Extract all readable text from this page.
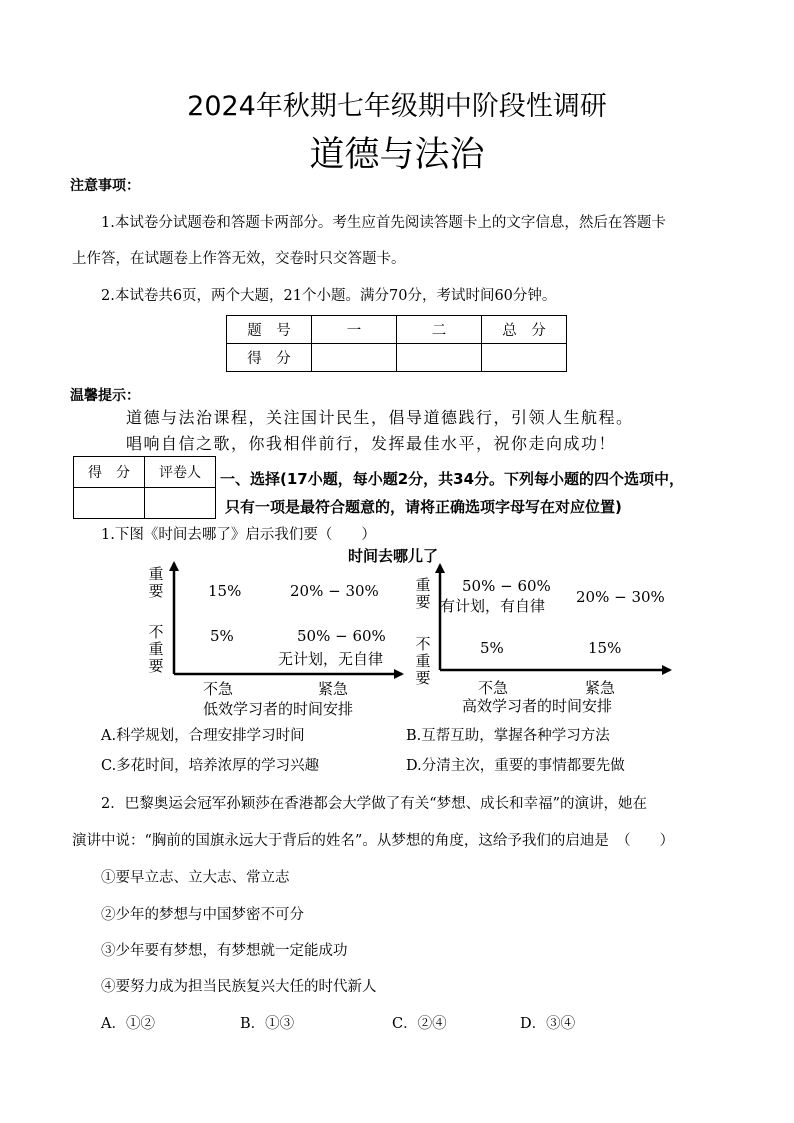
2024年秋期七年级期中阶段性调研
道德与法治
注意事项：
1.本试卷分试题卷和答题卡两部分。考生应首先阅读答题卡上的文字信息，然后在答题卡
上作答，在试题卷上作答无效，交卷时只交答题卡。
2.本试卷共6页，两个大题，21个小题。满分70分，考试时间60分钟。
题　号	一	二	总　分
得　分			
温馨提示：
道德与法治课程，关注国计民生，倡导道德践行，引领人生航程。
唱响自信之歌，你我相伴前行，发挥最佳水平，祝你走向成功！
得　分	评卷人
	一、选择(17小题，每小题2分，共34分。下列每小题的四个选项中，
只有一项是最符合题意的，请将正确选项字母写在对应位置)
1.下图《时间去哪了》启示我们要（　　）
时间去哪儿了
重要
不重要
15%	20% − 30%
5%	50% − 60%
无计划，无自律
不急	紧急
低效学习者的时间安排
重要
不重要
50% − 60%
有计划，有自律 20% − 30%
5%	15%
不急	紧急
高效学习者的时间安排
A.科学规划，合理安排学习时间	B.互帮互助，掌握各种学习方法
C.多花时间，培养浓厚的学习兴趣	D.分清主次，重要的事情都要先做
2．巴黎奥运会冠军孙颖莎在香港都会大学做了有关“梦想、成长和幸福”的演讲，她在
演讲中说：“胸前的国旗永远大于背后的姓名”。从梦想的角度，这给予我们的启迪是　（　　）
①要早立志、立大志、常立志
②少年的梦想与中国梦密不可分
③少年要有梦想，有梦想就一定能成功
④要努力成为担当民族复兴大任的时代新人
A．①②	B．①③	C．②④	D．③④
